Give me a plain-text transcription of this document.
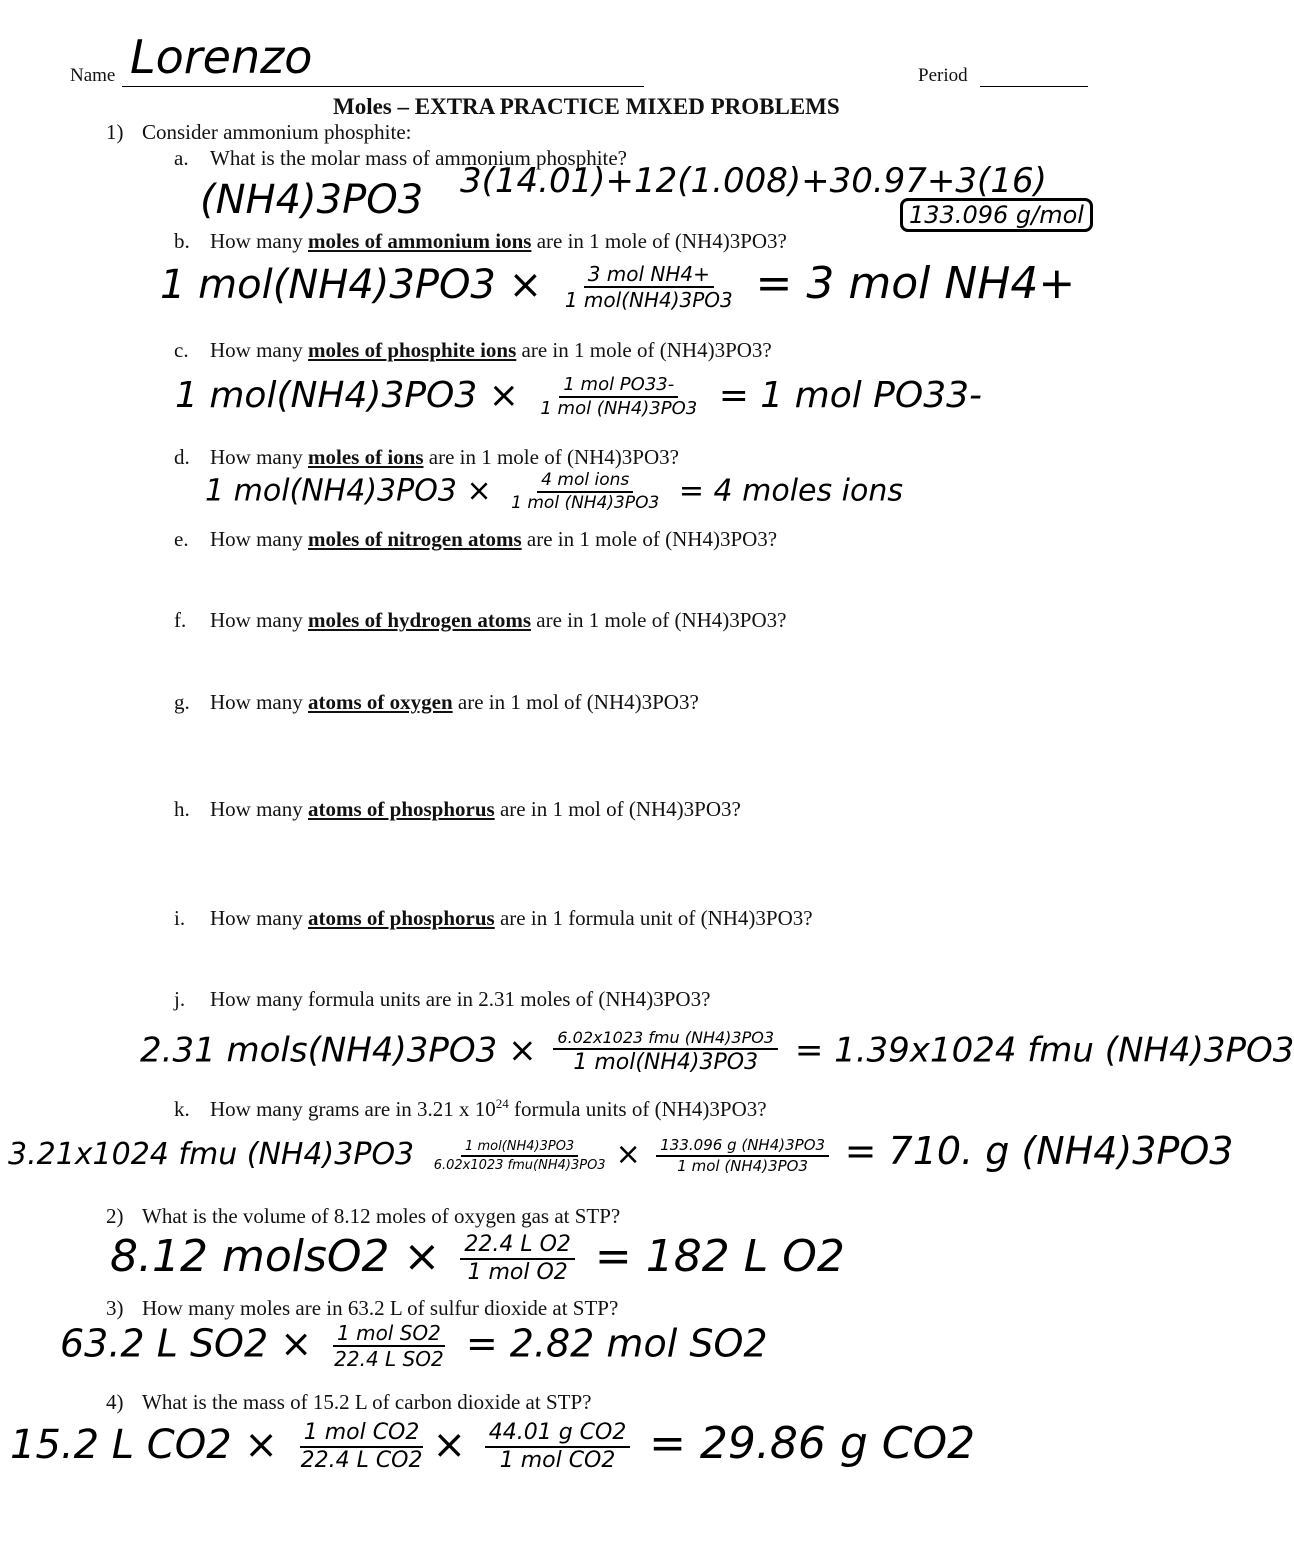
Name Lorenzo	Period
Moles – EXTRA PRACTICE MIXED PROBLEMS
1) Consider ammonium phosphite:
a. What is the molar mass of ammonium phosphite?
(NH4)3PO3 3(14.01)+12(1.008)+30.97+3(16)
133.096 g/mol
b. How many moles of ammonium ions are in 1 mole of (NH4)3PO3?
1 $mol(NH4)3PO3 \times \frac{\text{3 mol NH4+}}{\text{1 mol(NH4)3PO3}} = 3$ mol NH4+
c. How many moles of phosphite ions are in 1 mole of (NH4)3PO3?
1 $mol(NH4)3PO3 \times \frac{\text{1 mol PO33-}}{\text{1 mol (NH4)3PO3}} = 1$ mol PO33-
d. How many moles of ions are in 1 mole of (NH4)3PO3?
1 $mol(NH4)3PO3 \times \frac{\text{4 mol ions}}{\text{1 mol (NH4)3PO3}} = 4$ moles ions
e. How many moles of nitrogen atoms are in 1 mole of (NH4)3PO3?
f. How many moles of hydrogen atoms are in 1 mole of (NH4)3PO3?
g. How many atoms of oxygen are in 1 mol of (NH4)3PO3?
h. How many atoms of phosphorus are in 1 mol of (NH4)3PO3?
i. How many atoms of phosphorus are in 1 formula unit of (NH4)3PO3?
j. How many formula units are in 2.31 moles of (NH4)3PO3?
2.31 mols(NH4)3PO3 × $\frac{\text{6.02x1023 fmu (NH4)3PO3}}{\text{1 mol(NH4)3PO3}} = 1.39x1024$ fmu (NH4)3PO3
k. How many grams are in 3.21 x $10^{24}$ formula units of (NH4)3PO3?
3.21x1024 fmu $(NH4)3PO3 \frac{\text{1 mol(NH4)3PO3}}{\text{6.02x1023 fmu(NH4)3PO3}} \times \frac{133.096 g (NH4)3PO3}{\text{1 mol (NH4)3PO3}} = 710$. g (NH4)3PO3
2) What is the volume of 8.12 moles of oxygen gas at STP?
8.12 molsO2 × $\frac{\text{22.4 L O2}}{\text{1 mol O2}} = 182$ L O2
3) How many moles are in 63.2 L of sulfur dioxide at STP?
63.2 L $SO2 \times \frac{\text{1 mol SO2}}{\text{22.4 L SO2}} = 2.82$ mol SO2
4) What is the mass of 15.2 L of carbon dioxide at STP?
15.2 L $CO2 \times \frac{\text{1 mol CO2}}{\text{22.4 L CO2}} \times \frac{\text{44.01 g CO2}}{\text{1 mol CO2}} = 29.86$ g CO2
